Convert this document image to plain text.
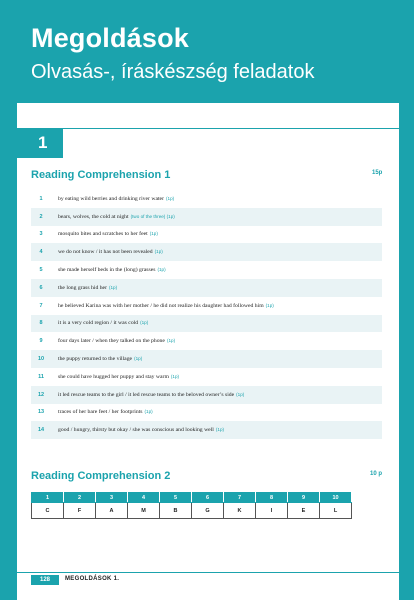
Megoldások
Olvasás-, íráskészség feladatok
1
Reading Comprehension 1	15p
1	by eating wild berries and drinking river water (1p)
2	bears, wolves, the cold at night (two of the three) (1p)
3	mosquito bites and scratches to her feet (1p)
4	we do not know / it has not been revealed (1p)
5	she made herself beds in the (long) grasses (1p)
6	the long grass hid her (1p)
7	he believed Karina was with her mother / he did not realize his daughter had followed him (1p)
8	it is a very cold region / it was cold (1p)
9	four days later / when they talked on the phone (1p)
10	the puppy returned to the village (1p)
11	she could have hugged her puppy and stay warm (1p)
12	it led rescue teams to the girl / it led rescue teams to the beloved owner’s side (1p)
13	traces of her bare feet / her footprints (1p)
14	good / hungry, thirsty but okay / she was conscious and looking well (1p)
Reading Comprehension 2	10 p
1	2	3	4	5	6	7	8	9	10
C	F	A	M	B	G	K	I	E	L
128	MEGOLDÁSOK 1.
